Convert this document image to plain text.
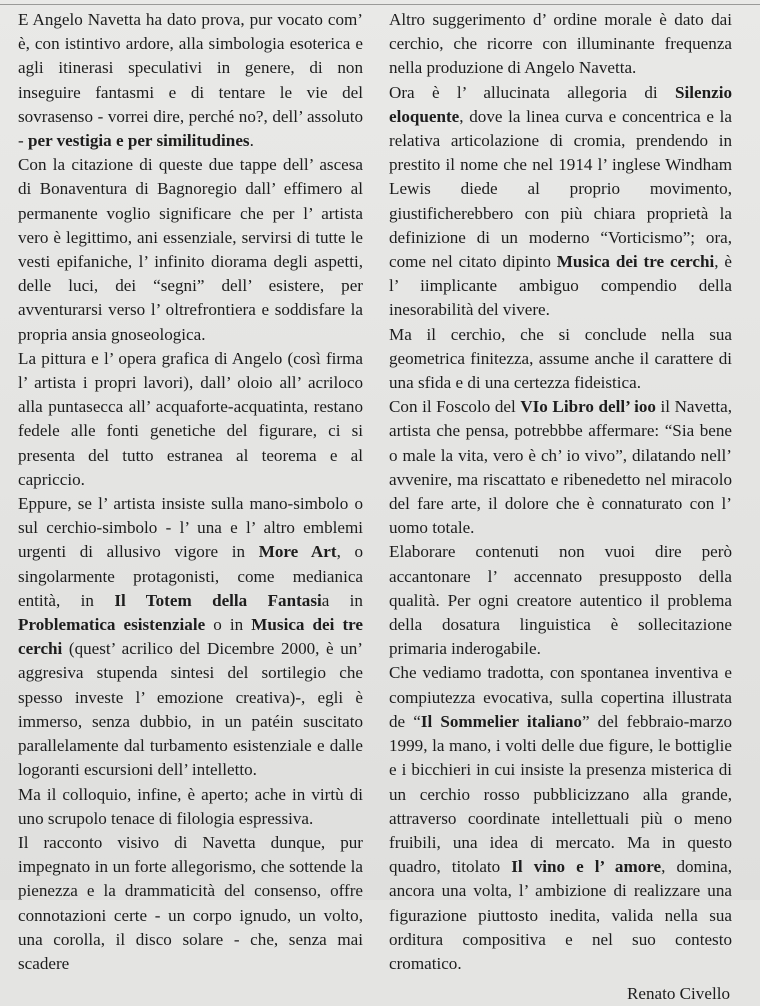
E Angelo Navetta ha dato prova, pur vocato com’ è, con istintivo ardore, alla simbologia esoterica e agli itinerasi speculativi in genere, di non inseguire fantasmi e di tentare le vie del sovrasenso - vorrei dire, perché no?, dell’ assoluto - per vestigia e per similitudines.

Con la citazione di queste due tappe dell’ ascesa di Bonaventura di Bagnoregio dall’ effimero al permanente voglio significare che per l’ artista vero è legittimo, ani essenziale, servirsi di tutte le vesti epifaniche, l’ infinito diorama degli aspetti, delle luci, dei “segni” dell’ esistere, per avventurarsi verso l’ oltrefrontiera e soddisfare la propria ansia gnoseologica.

La pittura e l’ opera grafica di Angelo (così firma l’ artista i propri lavori), dall’ oloio all’ acriloco alla puntasecca all’ acquaforte-acquatinta, restano fedele alle fonti genetiche del figurare, ci si presenta del tutto estranea al teorema e al capriccio.

Eppure, se l’ artista insiste sulla mano-simbolo o sul cerchio-simbolo - l’ una e l’ altro emblemi urgenti di allusivo vigore in More Art, o singolarmente protagonisti, come medianica entità, in Il Totem della Fantasia in Problematica esistenziale o in Musica dei tre cerchi (quest’ acrilico del Dicembre 2000, è un’ aggresiva stupenda sintesi del sortilegio che spesso investe l’ emozione creativa)-, egli è immerso, senza dubbio, in un patéin suscitato parallelamente dal turbamento esistenziale e dalle logoranti escursioni dell’ intelletto.

Ma il colloquio, infine, è aperto; ache in virtù di uno scrupolo tenace di filologia espressiva.

Il racconto visivo di Navetta dunque, pur impegnato in un forte allegorismo, che sottende la pienezza e la drammaticità del consenso, offre connotazioni certe - un corpo ignudo, un volto, una corolla, il disco solare - che, senza mai scadere

Altro suggerimento d’ ordine morale è dato dai cerchio, che ricorre con illuminante frequenza nella produzione di Angelo Navetta.

Ora è l’ allucinata allegoria di Silenzio eloquente, dove la linea curva e concentrica e la relativa articolazione di cromia, prendendo in prestito il nome che nel 1914 l’ inglese Windham Lewis diede al proprio movimento, giustificherebbero con più chiara proprietà la definizione di un moderno “Vorticismo”; ora, come nel citato dipinto Musica dei tre cerchi, è l’ iimplicante ambiguo compendio della inesorabilità del vivere.

Ma il cerchio, che si conclude nella sua geometrica finitezza, assume anche il carattere di una sfida e di una certezza fideistica.

Con il Foscolo del VIo Libro dell’ ioo il Navetta, artista che pensa, potrebbbe affermare: “Sia bene o male la vita, vero è ch’ io vivo”, dilatando nell’ avvenire, ma riscattato e ribenedetto nel miracolo del fare arte, il dolore che è connaturato con l’ uomo totale.

Elaborare contenuti non vuoi dire però accantonare l’ accennato presupposto della qualità. Per ogni creatore autentico il problema della dosatura linguistica è sollecitazione primaria inderogabile.

Che vediamo tradotta, con spontanea inventiva e compiutezza evocativa, sulla copertina illustrata de “Il Sommelier italiano” del febbraio-marzo 1999, la mano, i volti delle due figure, le bottiglie e i bicchieri in cui insiste la presenza misterica di un cerchio rosso pubblicizzano alla grande, attraverso coordinate intellettuali più o meno fruibili, una idea di mercato. Ma in questo quadro, titolato Il vino e l’ amore, domina, ancora una volta, l’ ambizione di realizzare una figurazione piuttosto inedita, valida nella sua orditura compositiva e nel suo contesto cromatico.

Renato Civello
